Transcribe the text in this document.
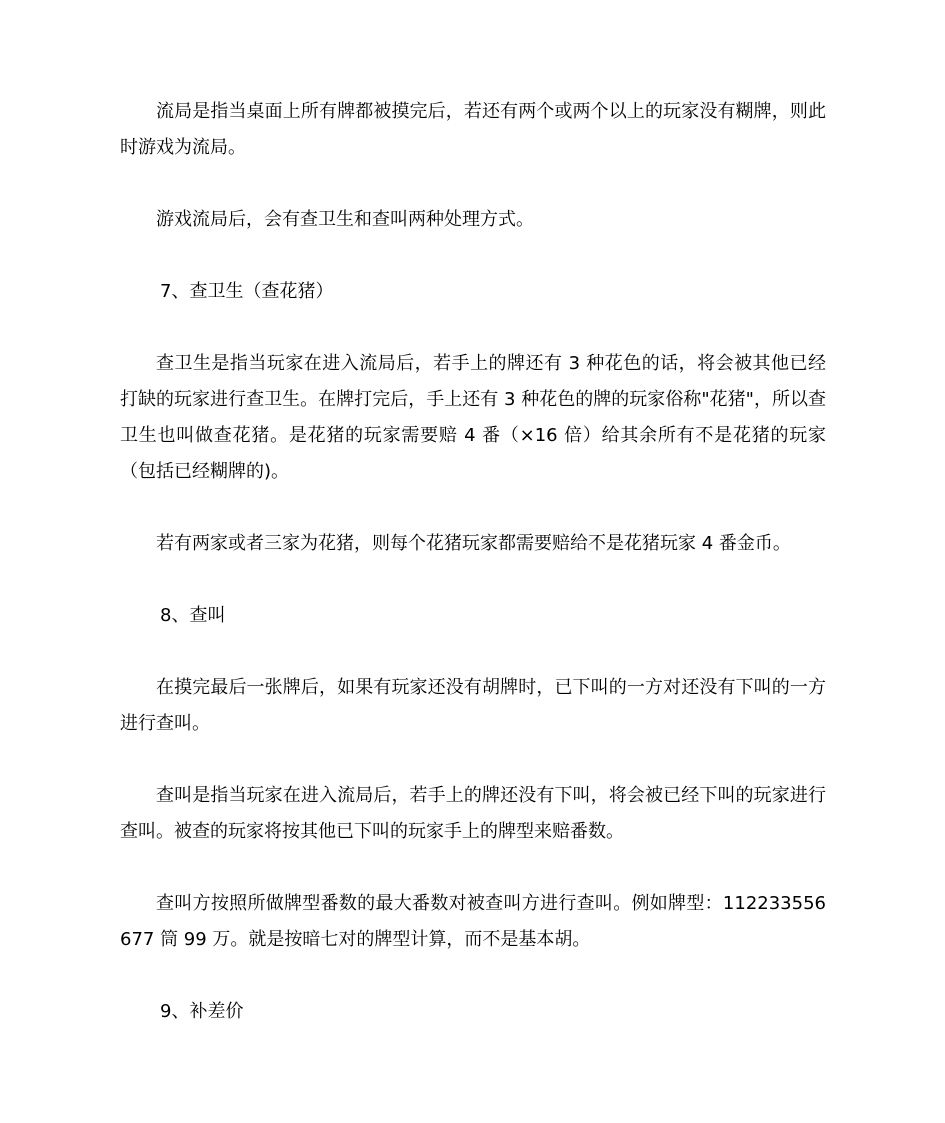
流局是指当桌面上所有牌都被摸完后，若还有两个或两个以上的玩家没有糊牌，则此时游戏为流局。

游戏流局后，会有查卫生和查叫两种处理方式。

7、查卫生（查花猪）

查卫生是指当玩家在进入流局后，若手上的牌还有 3 种花色的话，将会被其他已经打缺的玩家进行查卫生。在牌打完后，手上还有 3 种花色的牌的玩家俗称"花猪"，所以查卫生也叫做查花猪。是花猪的玩家需要赔 4 番（×16 倍）给其余所有不是花猪的玩家（包括已经糊牌的)。

若有两家或者三家为花猪，则每个花猪玩家都需要赔给不是花猪玩家 4 番金币。

8、查叫

在摸完最后一张牌后，如果有玩家还没有胡牌时，已下叫的一方对还没有下叫的一方进行查叫。

查叫是指当玩家在进入流局后，若手上的牌还没有下叫，将会被已经下叫的玩家进行查叫。被查的玩家将按其他已下叫的玩家手上的牌型来赔番数。

查叫方按照所做牌型番数的最大番数对被查叫方进行查叫。例如牌型：112233556677 筒 99 万。就是按暗七对的牌型计算，而不是基本胡。

9、补差价
